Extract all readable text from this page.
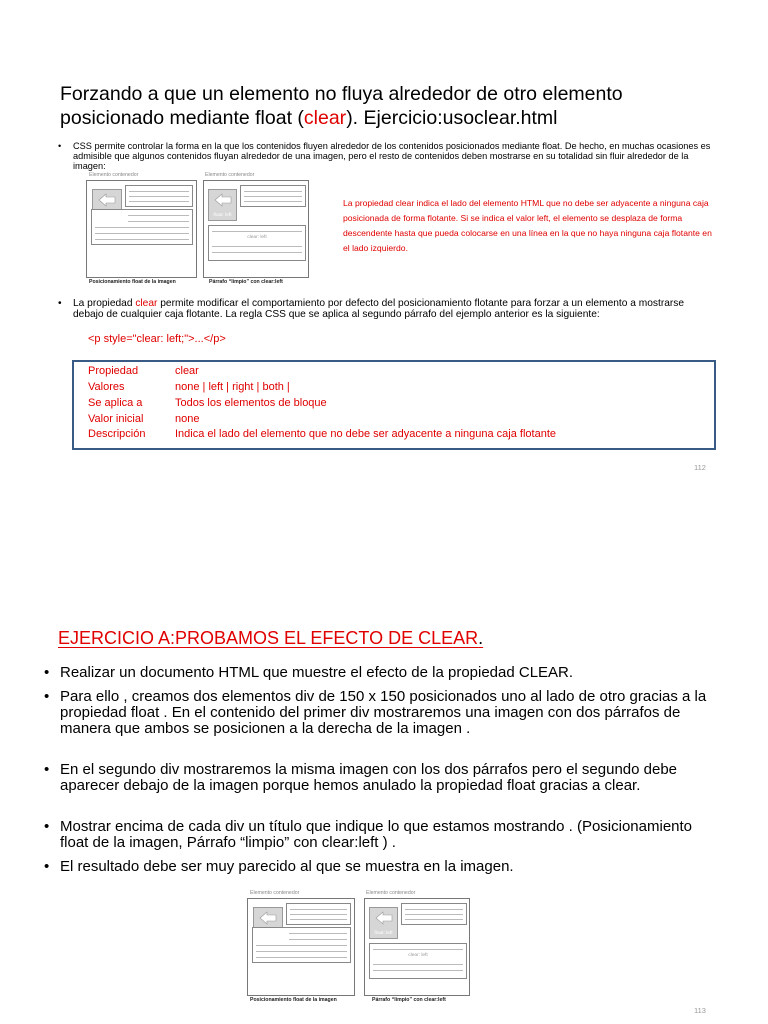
Forzando a que un elemento no fluya alrededor de otro elemento posicionado mediante float (clear). Ejercicio:usoclear.html
• CSS permite controlar la forma en la que los contenidos fluyen alrededor de los contenidos posicionados mediante float. De hecho, en muchas ocasiones es admisible que algunos contenidos fluyan alrededor de una imagen, pero el resto de contenidos deben mostrarse en su totalidad sin fluir alrededor de la imagen:
Elemento contenedor	Elemento contenedor
float: left
clear: left
Posicionamiento float de la imagen	Párrafo “limpio” con clear:left
La propiedad clear indica el lado del elemento HTML que no debe ser adyacente a ninguna caja posicionada de forma flotante. Si se indica el valor left, el elemento se desplaza de forma descendente hasta que pueda colocarse en una línea en la que no haya ninguna caja flotante en el lado izquierdo.
• La propiedad clear permite modificar el comportamiento por defecto del posicionamiento flotante para forzar a un elemento a mostrarse debajo de cualquier caja flotante. La regla CSS que se aplica al segundo párrafo del ejemplo anterior es la siguiente:
<p style="clear: left;">...</p>
Propiedad	clear
Valores	none | left | right | both |
Se aplica a	Todos los elementos de bloque
Valor inicial	none
Descripción	Indica el lado del elemento que no debe ser adyacente a ninguna caja flotante
112
EJERCICIO A:PROBAMOS EL EFECTO DE CLEAR.
• Realizar un documento HTML que muestre el efecto de la propiedad CLEAR.
• Para ello , creamos dos elementos div de 150 x 150 posicionados uno al lado de otro gracias a la propiedad float . En el contenido del primer div mostraremos una imagen con dos párrafos de manera que ambos se posicionen a la derecha de la imagen .
• En el segundo div mostraremos la misma imagen con los dos párrafos pero el segundo debe aparecer debajo de la imagen porque hemos anulado la propiedad float gracias a clear.
• Mostrar encima de cada div un título que indique lo que estamos mostrando . (Posicionamiento float de la imagen, Párrafo “limpio” con clear:left ) .
• El resultado debe ser muy parecido al que se muestra en la imagen.
Elemento contenedor	Elemento contenedor
float: left
clear: left
Posicionamiento float de la imagen	Párrafo “limpio” con clear:left
113
